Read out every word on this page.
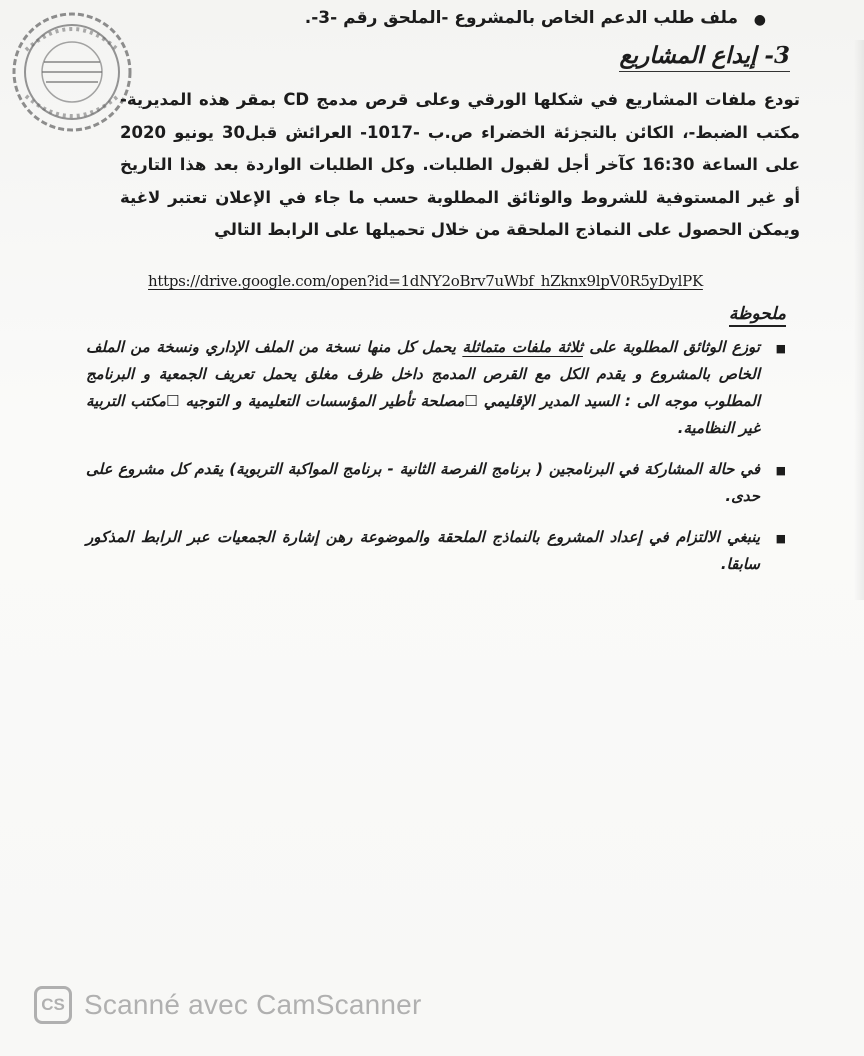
●
ملف طلب الدعم الخاص بالمشروع -الملحق رقم -3-.
3- إيداع المشاريع
تودع ملفات المشاريع في شكلها الورقي وعلى قرص مدمج CD بمقر هذه المديرية- مكتب الضبط-، الكائن بالتجزئة الخضراء ص.ب -1017- العرائش قبل30 يونيو 2020 على الساعة 16:30 كآخر أجل لقبول الطلبات. وكل الطلبات الواردة بعد هذا التاريخ أو غير المستوفية للشروط والوثائق المطلوبة حسب ما جاء في الإعلان تعتبر لاغية ويمكن الحصول على النماذج الملحقة من خلال تحميلها على الرابط التالي
https://drive.google.com/open?id=1dNY2oBrv7uWbf_hZknx9lpV0R5yDylPK
ملحوظة
■
توزع الوثائق المطلوبة على ثلاثة ملفات متماثلة يحمل كل منها نسخة من الملف الإداري ونسخة من الملف الخاص بالمشروع و يقدم الكل مع القرص المدمج داخل ظرف مغلق يحمل تعريف الجمعية و البرنامج المطلوب موجه الى : السيد المدير الإقليمي ☐مصلحة تأطير المؤسسات التعليمية و التوجيه ☐مكتب التربية غير النظامية.
■
في حالة المشاركة في البرنامجين ( برنامج الفرصة الثانية - برنامج المواكبة التربوية) يقدم كل مشروع على حدى.
■
ينبغي الالتزام في إعداد المشروع بالنماذج الملحقة والموضوعة رهن إشارة الجمعيات عبر الرابط المذكور سابقا.
CS Scanné avec CamScanner
